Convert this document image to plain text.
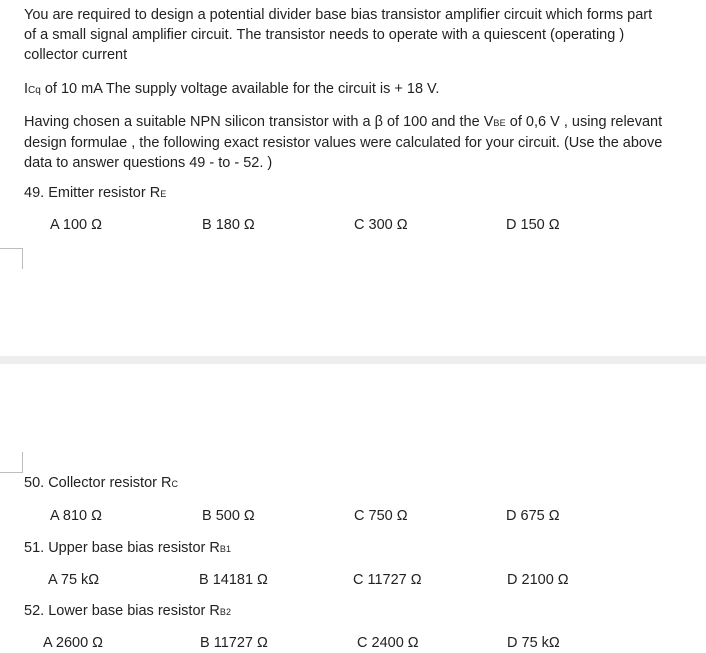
You are required to design a potential divider base bias transistor amplifier circuit which forms part
of a small signal amplifier circuit. The transistor needs to operate with a quiescent (operating )
collector current
ICq of 10 mA The supply voltage available for the circuit is + 18 V.
Having chosen a suitable NPN silicon transistor with a β of 100 and the VBE of 0,6 V , using relevant
design formulae , the following exact resistor values were calculated for your circuit. (Use the above
data to answer questions 49 - to - 52. )
49. Emitter resistor RE
A 100 Ω	B 180 Ω	C 300 Ω	D 150 Ω
50. Collector resistor RC
A 810 Ω	B 500 Ω	C 750 Ω	D 675 Ω
51. Upper base bias resistor RB1
A 75 kΩ	B 14181 Ω	C 11727 Ω	D 2100 Ω
52. Lower base bias resistor RB2
A 2600 Ω	B 11727 Ω	C 2400 Ω	D 75 kΩ
